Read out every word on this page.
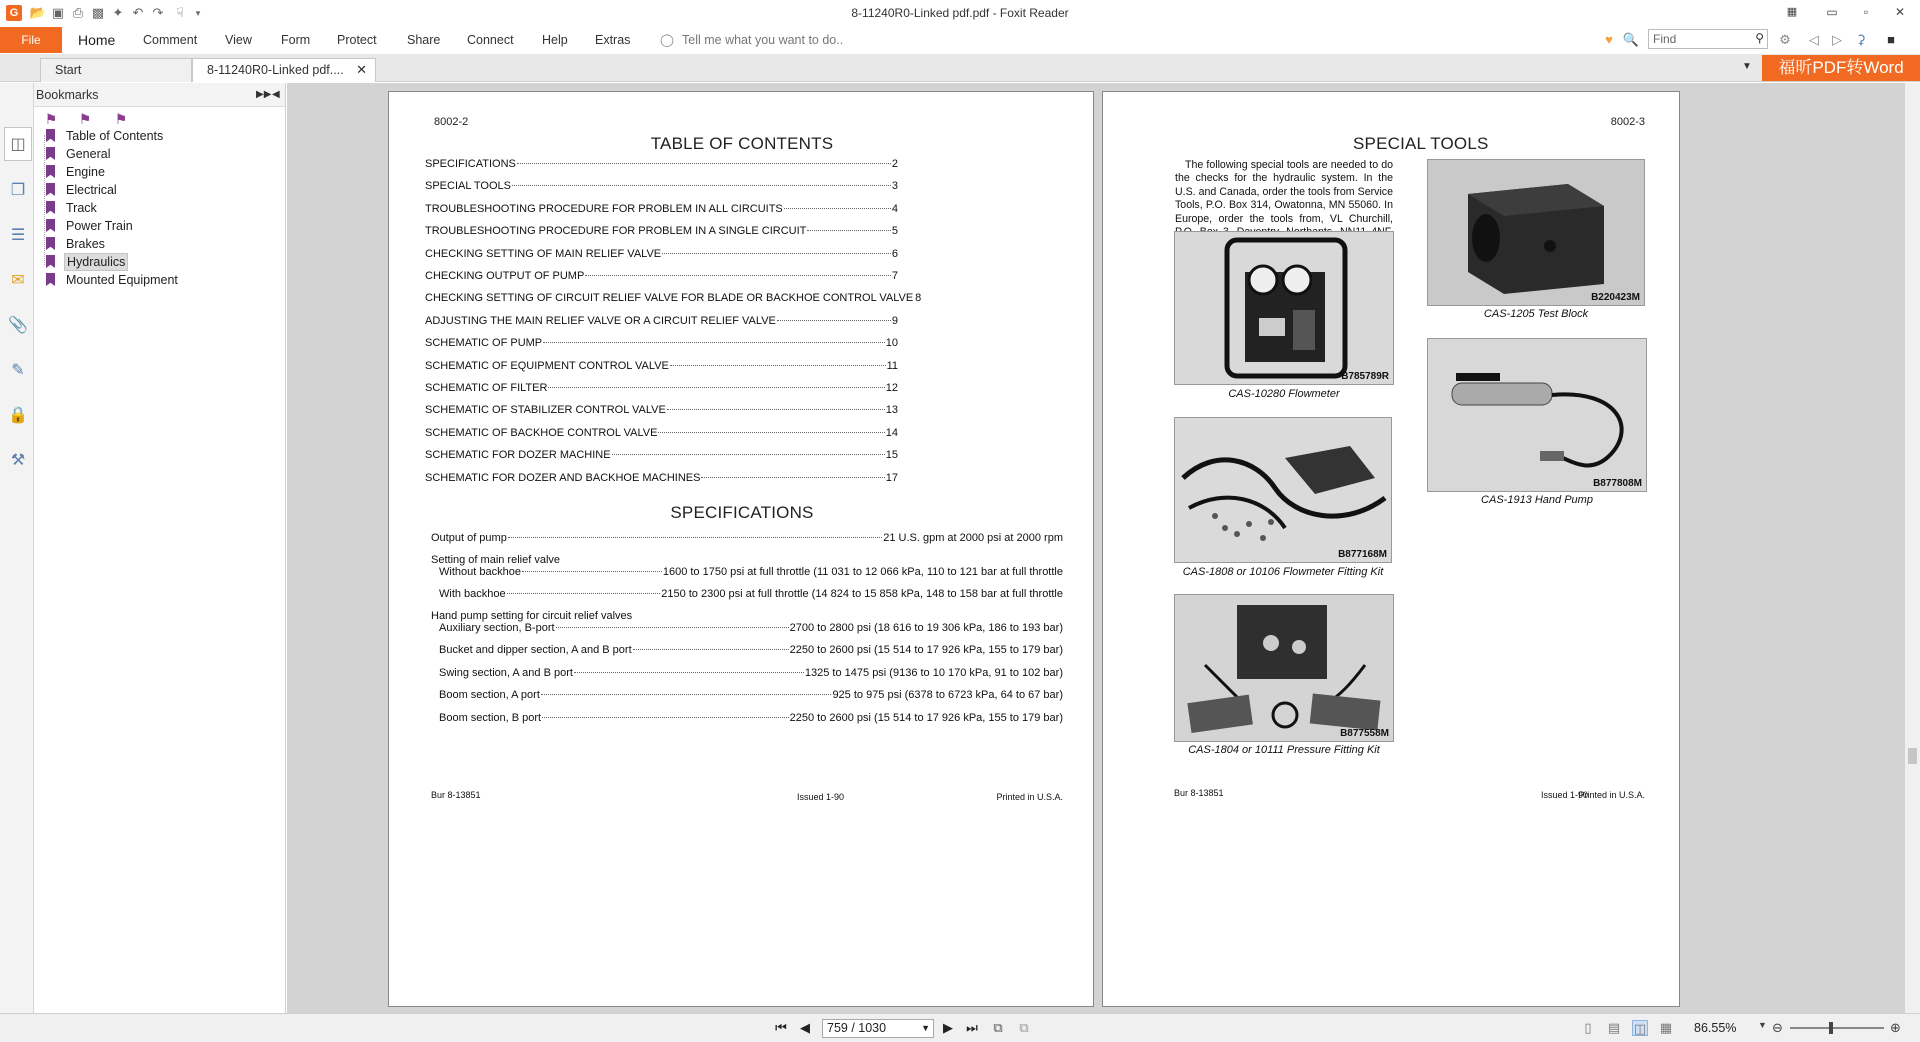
G 📂 ▣ ⎙ ▩ ✦ ↶ ↷ ☟	▾	8-11240R0-Linked pdf.pdf - Foxit Reader	▦	▭	▫	✕
File	Home Comment View Form Protect Share Connect Help Extras ◯ Tell me what you want to do..	♥ 🔍	Find	⚲ ⚙	◁	▷	⚳	■
Start	8-11240R0-Linked pdf.... ✕	▼	福昕PDF转Word
◫
❐
☰
✉
📎
✎
🔒
⚒
Bookmarks	▶▶ ◀
⚑ ⚑ ⚑
Table of Contents
General
Engine
Electrical
Track
Power Train
Brakes
Hydraulics
Mounted Equipment
8002-2
TABLE OF CONTENTS
SPECIFICATIONS	2
SPECIAL TOOLS	3
TROUBLESHOOTING PROCEDURE FOR PROBLEM IN ALL CIRCUITS	4
TROUBLESHOOTING PROCEDURE FOR PROBLEM IN A SINGLE CIRCUIT	5
CHECKING SETTING OF MAIN RELIEF VALVE	6
CHECKING OUTPUT OF PUMP	7
CHECKING SETTING OF CIRCUIT RELIEF VALVE FOR BLADE OR BACKHOE CONTROL VALVE 8
ADJUSTING THE MAIN RELIEF VALVE OR A CIRCUIT RELIEF VALVE	9
SCHEMATIC OF PUMP	10
SCHEMATIC OF EQUIPMENT CONTROL VALVE	11
SCHEMATIC OF FILTER	12
SCHEMATIC OF STABILIZER CONTROL VALVE	13
SCHEMATIC OF BACKHOE CONTROL VALVE	14
SCHEMATIC FOR DOZER MACHINE	15
SCHEMATIC FOR DOZER AND BACKHOE MACHINES	17
SPECIFICATIONS
Output of pump	21 U.S. gpm at 2000 psi at 2000 rpm
Setting of main relief valve
Without backhoe	1600 to 1750 psi at full throttle (11 031 to 12 066 kPa, 110 to 121 bar at full throttle
With backhoe	2150 to 2300 psi at full throttle (14 824 to 15 858 kPa, 148 to 158 bar at full throttle
Hand pump setting for circuit relief valves
Auxiliary section, B-port	2700 to 2800 psi (18 616 to 19 306 kPa, 186 to 193 bar)
Bucket and dipper section, A and B port	2250 to 2600 psi (15 514 to 17 926 kPa, 155 to 179 bar)
Swing section, A and B port	1325 to 1475 psi (9136 to 10 170 kPa, 91 to 102 bar)
Boom section, A port	925 to 975 psi (6378 to 6723 kPa, 64 to 67 bar)
Boom section, B port	2250 to 2600 psi (15 514 to 17 926 kPa, 155 to 179 bar)
Bur 8-13851	Issued 1-90	Printed in U.S.A.
8002-3
SPECIAL TOOLS
The following special tools are needed to do the checks for the hydraulic system. In the U.S. and Canada, order the tools from Service Tools, P.O. Box 314, Owatonna, MN 55060. In Europe, order the tools from, VL Churchill,
B785789R
CAS-10280 Flowmeter
B220423M
CAS-1205 Test Block
B877168M
CAS-1808 or 10106 Flowmeter Fitting Kit
B877808M
CAS-1913 Hand Pump
B877558M
CAS-1804 or 10111 Pressure Fitting Kit
Bur 8-13851	Issued 1-90
Printed in U.S.A.
⏮ ◀	759 / 1030	▼ ▶ ⏭ ⧉ ⧉	▯	▤ ◫ ▦ 86.55% ▼ ⊖	⊕
